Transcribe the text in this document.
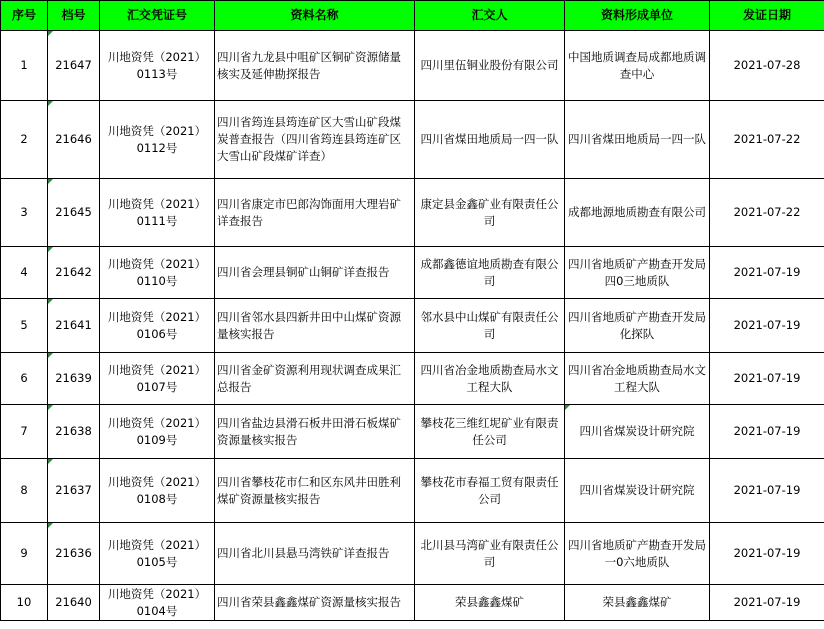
序号	档号	汇交凭证号	资料名称	汇交人	资料形成单位	发证日期
1	21647	川地资凭（2021）0113号	四川省九龙县中咀矿区铜矿资源储量核实及延伸勘探报告	四川里伍铜业股份有限公司	中国地质调查局成都地质调查中心	2021-07-28
2	21646	川地资凭（2021）0112号	四川省筠连县筠连矿区大雪山矿段煤炭普查报告（四川省筠连县筠连矿区大雪山矿段煤矿详查）	四川省煤田地质局一四一队	四川省煤田地质局一四一队	2021-07-22
3	21645	川地资凭（2021）0111号	四川省康定市巴郎沟饰面用大理岩矿详查报告	康定县金鑫矿业有限责任公司	成都地源地质勘查有限公司	2021-07-22
4	21642	川地资凭（2021）0110号	四川省会理县铜矿山铜矿详查报告	成都鑫德谊地质勘查有限公司	四川省地质矿产勘查开发局四0三地质队	2021-07-19
5	21641	川地资凭（2021）0106号	四川省邻水县四新井田中山煤矿资源量核实报告	邻水县中山煤矿有限责任公司	四川省地质矿产勘查开发局化探队	2021-07-19
6	21639	川地资凭（2021）0107号	四川省金矿资源利用现状调查成果汇总报告	四川省冶金地质勘查局水文工程大队	四川省冶金地质勘查局水文工程大队	2021-07-19
7	21638	川地资凭（2021）0109号	四川省盐边县滑石板井田滑石板煤矿资源量核实报告	攀枝花三维红坭矿业有限责任公司	四川省煤炭设计研究院	2021-07-19
8	21637	川地资凭（2021）0108号	四川省攀枝花市仁和区东风井田胜利煤矿资源量核实报告	攀枝花市春福工贸有限责任公司	四川省煤炭设计研究院	2021-07-19
9	21636	川地资凭（2021）0105号	四川省北川县悬马湾铁矿详查报告	北川县马湾矿业有限责任公司	四川省地质矿产勘查开发局一0六地质队	2021-07-19
10	21640	川地资凭（2021）0104号	四川省荣县鑫鑫煤矿资源量核实报告	荣县鑫鑫煤矿	荣县鑫鑫煤矿	2021-07-19
